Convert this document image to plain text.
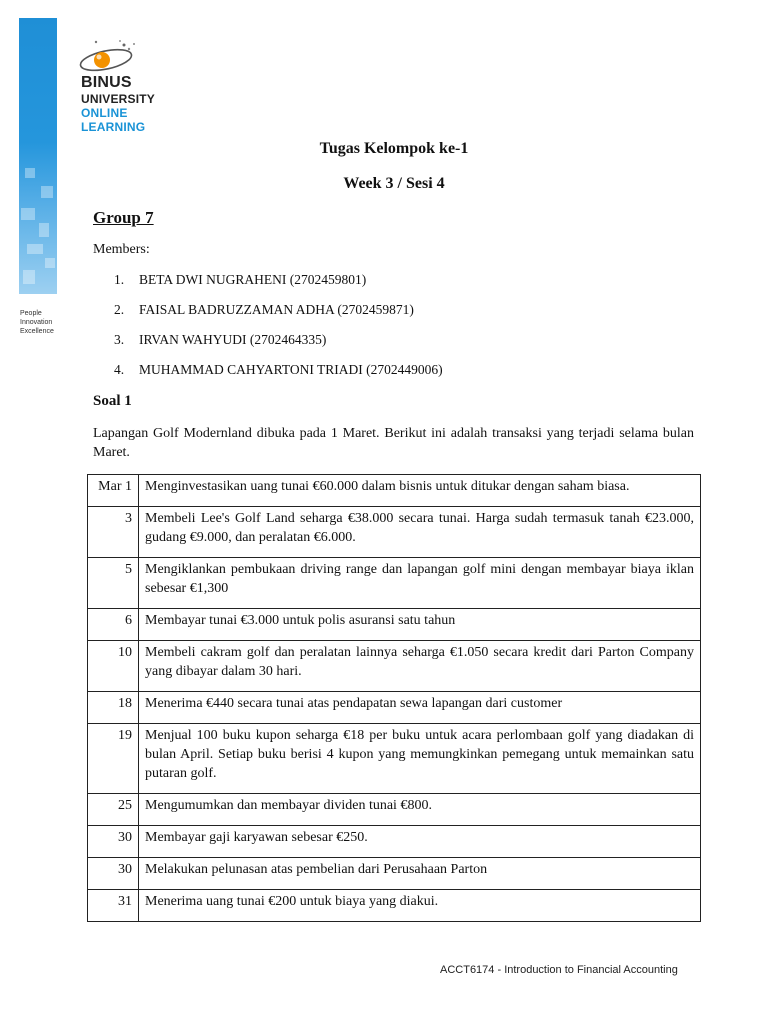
People
Innovation
Excellence
BINUS
UNIVERSITY
ONLINE
LEARNING
Tugas Kelompok ke-1
Week 3 / Sesi 4
Group 7
Members:
1. BETA DWI NUGRAHENI (2702459801)
2. FAISAL BADRUZZAMAN ADHA (2702459871)
3. IRVAN WAHYUDI (2702464335)
4. MUHAMMAD CAHYARTONI TRIADI (2702449006)
Soal 1
Lapangan Golf Modernland dibuka pada 1 Maret. Berikut ini adalah transaksi yang terjadi selama bulan Maret.
Mar 1	Menginvestasikan uang tunai €60.000 dalam bisnis untuk ditukar dengan saham biasa.
3	Membeli Lee's Golf Land seharga €38.000 secara tunai. Harga sudah termasuk tanah €23.000, gudang €9.000, dan peralatan €6.000.
5	Mengiklankan pembukaan driving range dan lapangan golf mini dengan membayar biaya iklan sebesar €1,300
6	Membayar tunai €3.000 untuk polis asuransi satu tahun
10	Membeli cakram golf dan peralatan lainnya seharga €1.050 secara kredit dari Parton Company yang dibayar dalam 30 hari.
18	Menerima €440 secara tunai atas pendapatan sewa lapangan dari customer
19	Menjual 100 buku kupon seharga €18 per buku untuk acara perlombaan golf yang diadakan di bulan April. Setiap buku berisi 4 kupon yang memungkinkan pemegang untuk memainkan satu putaran golf.
25	Mengumumkan dan membayar dividen tunai €800.
30	Membayar gaji karyawan sebesar €250.
30	Melakukan pelunasan atas pembelian dari Perusahaan Parton
31	Menerima uang tunai €200 untuk biaya yang diakui.
ACCT6174 - Introduction to Financial Accounting
